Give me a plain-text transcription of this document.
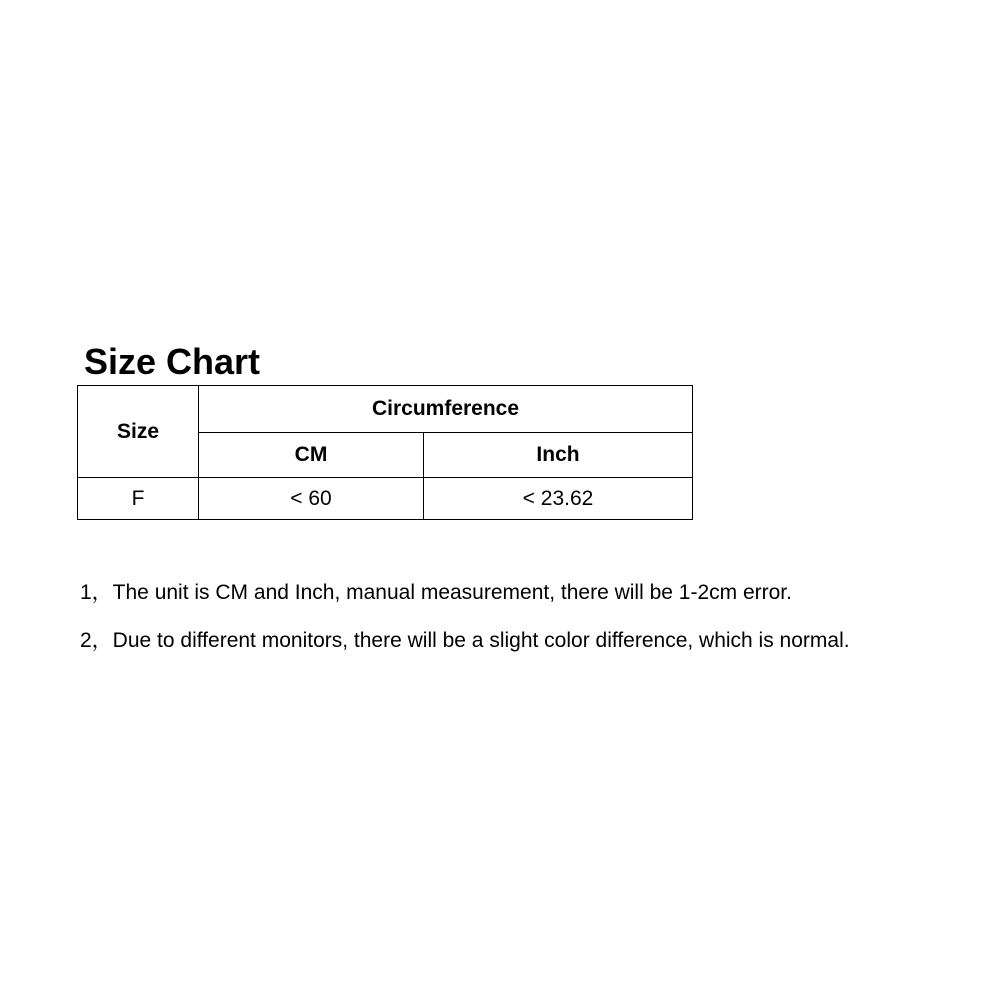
Size Chart
Size	Circumference	
	CM	Inch
F	< 60	< 23.62
1，The unit is CM and Inch, manual measurement, there will be 1-2cm error.
2，Due to different monitors, there will be a slight color difference, which is normal.
